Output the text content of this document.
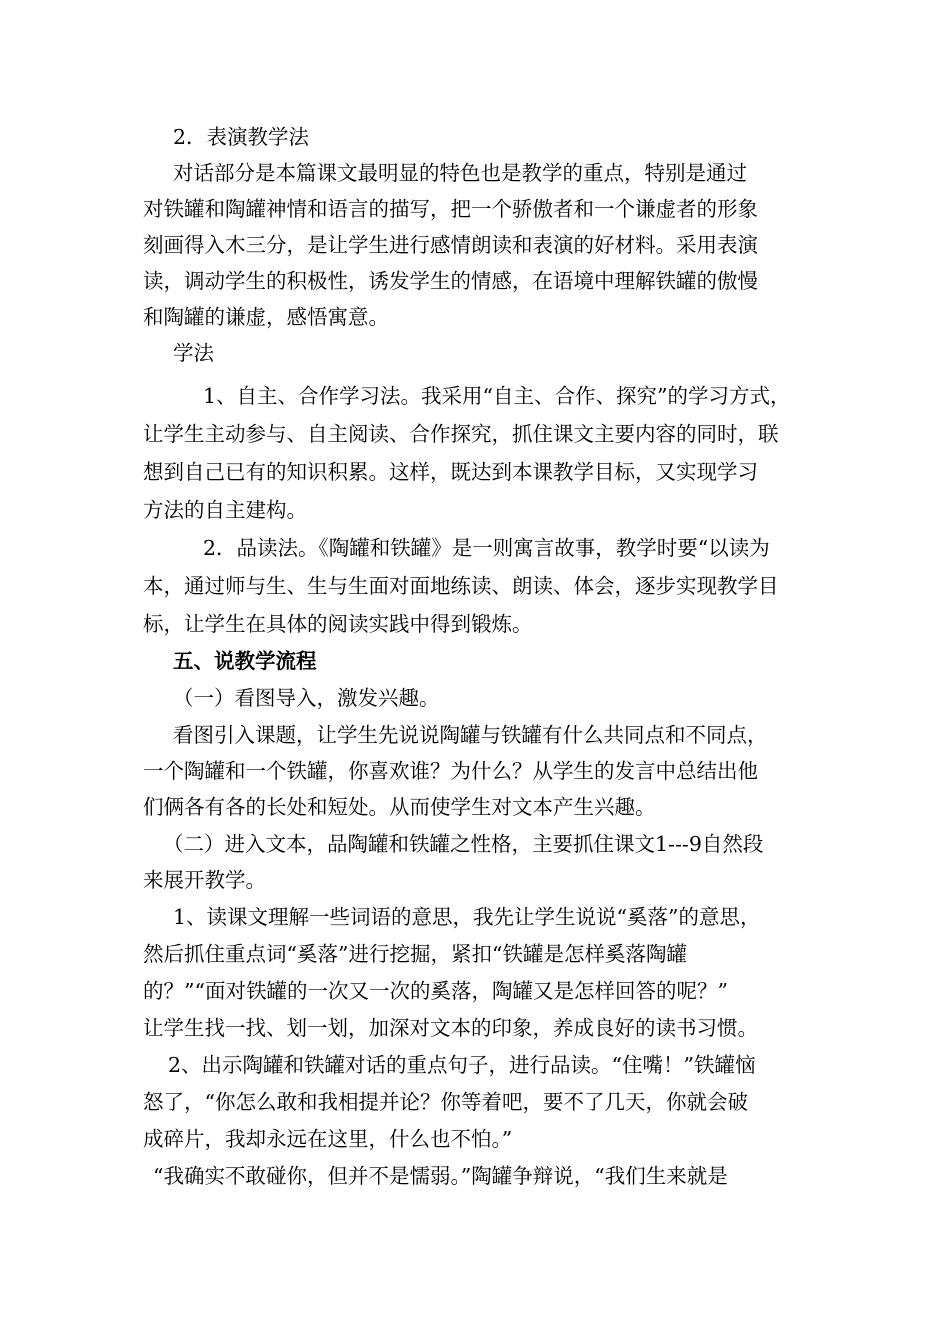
2．表演教学法
对话部分是本篇课文最明显的特色也是教学的重点，特别是通过
对铁罐和陶罐神情和语言的描写，把一个骄傲者和一个谦虚者的形象
刻画得入木三分，是让学生进行感情朗读和表演的好材料。采用表演
读，调动学生的积极性，诱发学生的情感，在语境中理解铁罐的傲慢
和陶罐的谦虚，感悟寓意。
学法
1、自主、合作学习法。我采用“自主、合作、探究”的学习方式，
让学生主动参与、自主阅读、合作探究，抓住课文主要内容的同时，联
想到自己已有的知识积累。这样，既达到本课教学目标，又实现学习
方法的自主建构。
2．品读法。《陶罐和铁罐》是一则寓言故事，教学时要“以读为
本，通过师与生、生与生面对面地练读、朗读、体会，逐步实现教学目
标，让学生在具体的阅读实践中得到锻炼。
五、说教学流程
（一）看图导入，激发兴趣。
看图引入课题，让学生先说说陶罐与铁罐有什么共同点和不同点，
一个陶罐和一个铁罐，你喜欢谁？为什么？从学生的发言中总结出他
们俩各有各的长处和短处。从而使学生对文本产生兴趣。
（二）进入文本，品陶罐和铁罐之性格，主要抓住课文1---9自然段
来展开教学。
1、读课文理解一些词语的意思，我先让学生说说“奚落”的意思，
然后抓住重点词“奚落”进行挖掘，紧扣“铁罐是怎样奚落陶罐
的？”“面对铁罐的一次又一次的奚落，陶罐又是怎样回答的呢？”
让学生找一找、划一划，加深对文本的印象，养成良好的读书习惯。
2、出示陶罐和铁罐对话的重点句子，进行品读。“住嘴！”铁罐恼
怒了，“你怎么敢和我相提并论？你等着吧，要不了几天，你就会破
成碎片，我却永远在这里，什么也不怕。”
“我确实不敢碰你，但并不是懦弱。”陶罐争辩说，“我们生来就是
